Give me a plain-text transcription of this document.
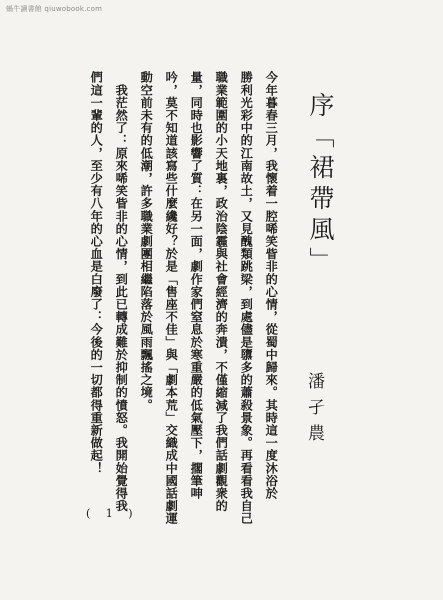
蝸牛讀書館 qiuwobook.com
序「裙帶風」
潘孑農
今年暮春三月，我懷着一腔唏笑眥非的心情，從蜀中歸來。其時這一度沐浴於
勝利光彩中的江南故土，又見醜類跳梁，到處儘是隳多的蕭殺景象。再看看我自己
職業範圍的小天地裏，政治陰霾與社會經濟的奔潰，不僅縮減了我們話劇觀衆的
量，同時也影響了質：在另一面，劇作家們窒息於寒重嚴的低氣壓下，擱筆呻
吟，莫不知道該寫些什麼纔好？於是「售座不佳」與「劇本荒」交織成中國話劇運
動空前未有的低潮，許多職業劇團相繼陷落於風雨飄搖之境。
　我茫然了：原來唏笑眥非的心情，到此已轉成難於抑制的憤怒。我開始覺得我
們這一輩的人，至少有八年的心血是白廢了：今後的一切都得重新做起！
( 1 )
